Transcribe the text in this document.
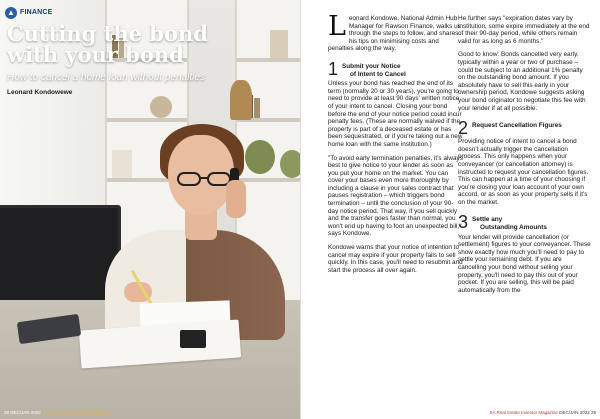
▲ FINANCE
Cutting the bond
with your bond
How to cancel a home loan without penalties
Leonard Kondowewe
28 DEC/JAN 2022 SA Real Estate Investor Magazine

Leonard Kondowe, National Admin Hub Manager for Rawson Finance, walks us through the steps to follow, and shares his tips on minimising costs and penalties along the way.

1 Submit your Notice
of Intent to Cancel

Unless your bond has reached the end of its term (normally 20 or 30 years), you're going to need to provide at least 90 days' written notice of your intent to cancel. Closing your bond before the end of your notice period could incur penalty fees. (These are normally waived if the property is part of a deceased estate or has been sequestrated, or if you're taking out a new home loan with the same institution.)

"To avoid early termination penalties, it's always best to give notice to your lender as soon as you put your home on the market. You can cover your bases even more thoroughly by including a clause in your sales contract that pauses registration – which triggers bond termination – until the conclusion of your 90-day notice period. That way, if you sell quickly and the transfer goes faster than normal, you won't end up having to foot an unexpected bill," says Kondowe.

Kondowe warns that your notice of intention to cancel may expire if your property fails to sell quickly. In this case, you'll need to resubmit and start the process all over again.

He further says "expiration dates vary by institution, some expire immediately at the end of their 90-day period, while others remain valid for as long as 6 months."

Good to know: Bonds cancelled very early, typically within a year or two of purchase – could be subject to an additional 1% penalty on the outstanding bond amount. If you absolutely have to sell this early in your ownership period, Kondowe suggests asking your bond originator to negotiate this fee with your lender if at all possible.

2 Request Cancellation Figures

Providing notice of intent to cancel a bond doesn't actually trigger the cancellation process. This only happens when your conveyancer (or cancellation attorney) is instructed to request your cancellation figures. This can happen at a time of your choosing if you're closing your loan account of your own accord, or as soon as your property sells if it's on the market.

3 Settle any
Outstanding Amounts

Your lender will provide cancellation (or settlement) figures to your conveyancer. These show exactly how much you'll need to pay to settle your remaining debt. If you are cancelling your bond without selling your property, you'll need to pay this out of your pocket. If you are selling, this will be paid automatically from the

SA Real Estate Investor Magazine DEC/JAN 2022 29
